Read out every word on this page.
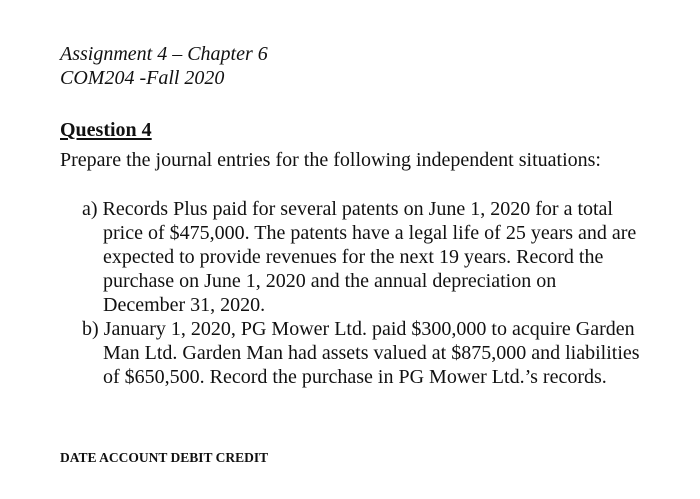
Assignment 4 – Chapter 6
COM204 -Fall 2020
Question 4
Prepare the journal entries for the following independent situations:

a) Records Plus paid for several patents on June 1, 2020 for a total price of $475,000. The patents have a legal life of 25 years and are expected to provide revenues for the next 19 years. Record the purchase on June 1, 2020 and the annual depreciation on December 31, 2020.

b) January 1, 2020, PG Mower Ltd. paid $300,000 to acquire Garden Man Ltd. Garden Man had assets valued at $875,000 and liabilities of $650,500. Record the purchase in PG Mower Ltd.’s records.

DATE ACCOUNT DEBIT CREDIT
